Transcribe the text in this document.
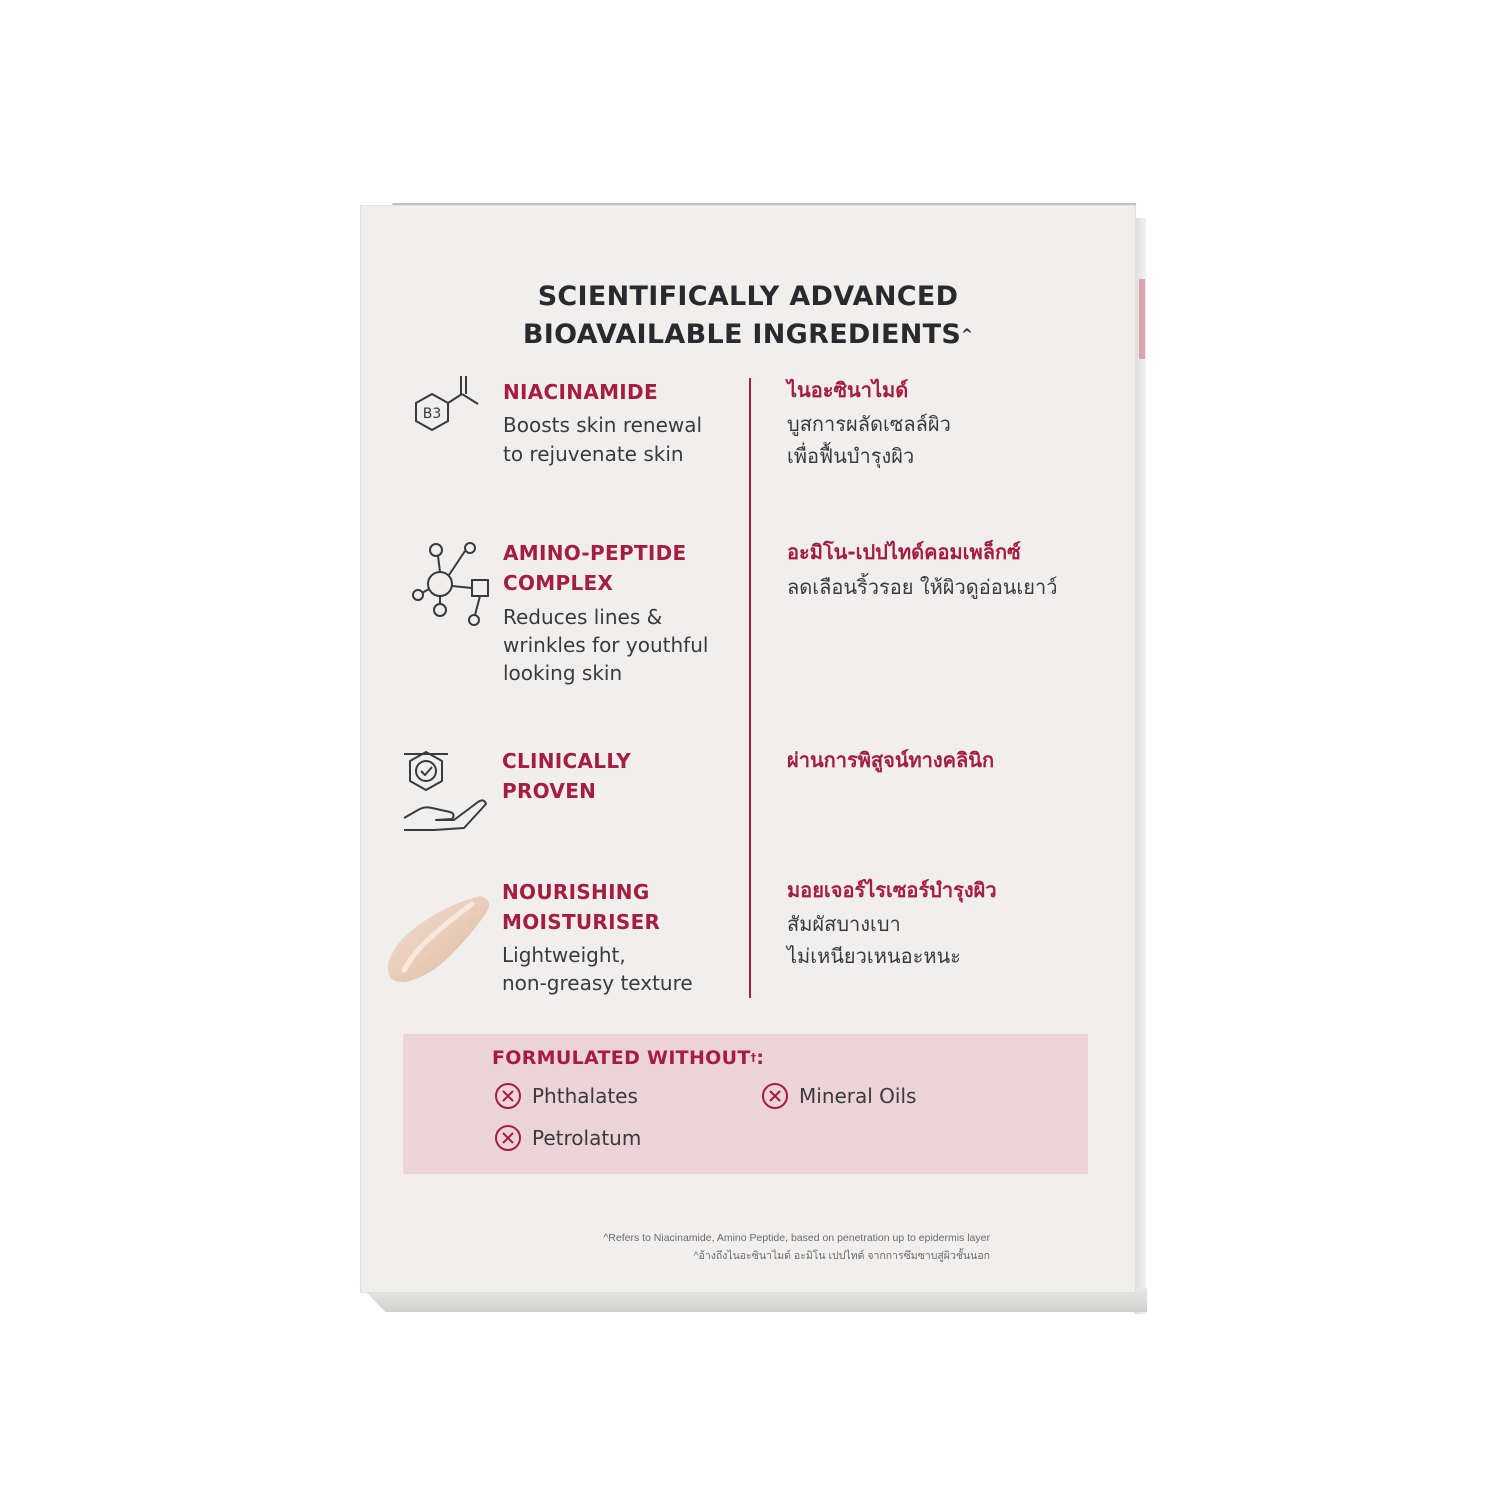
SCIENTIFICALLY ADVANCED
BIOAVAILABLE INGREDIENTS^
B3
NIACINAMIDE
Boosts skin renewal
to rejuvenate skin
ไนอะซินาไมด์
บูสการผลัดเซลล์ผิว
เพื่อฟื้นบำรุงผิว
AMINO-PEPTIDE
COMPLEX
Reduces lines &
wrinkles for youthful
looking skin
อะมิโน-เปปไทด์คอมเพล็กซ์
ลดเลือนริ้วรอย ให้ผิวดูอ่อนเยาว์
CLINICALLY
PROVEN
ผ่านการพิสูจน์ทางคลินิก
NOURISHING
MOISTURISER
Lightweight,
non-greasy texture
มอยเจอร์ไรเซอร์บำรุงผิว
สัมผัสบางเบา
ไม่เหนียวเหนอะหนะ
FORMULATED WITHOUT†:
Phthalates	Mineral Oils
Petrolatum
^Refers to Niacinamide, Amino Peptide, based on penetration up to epidermis layer
^อ้างถึงไนอะซินาไมด์ อะมิโน เปปไทด์ จากการซึมซาบสู่ผิวชั้นนอก
